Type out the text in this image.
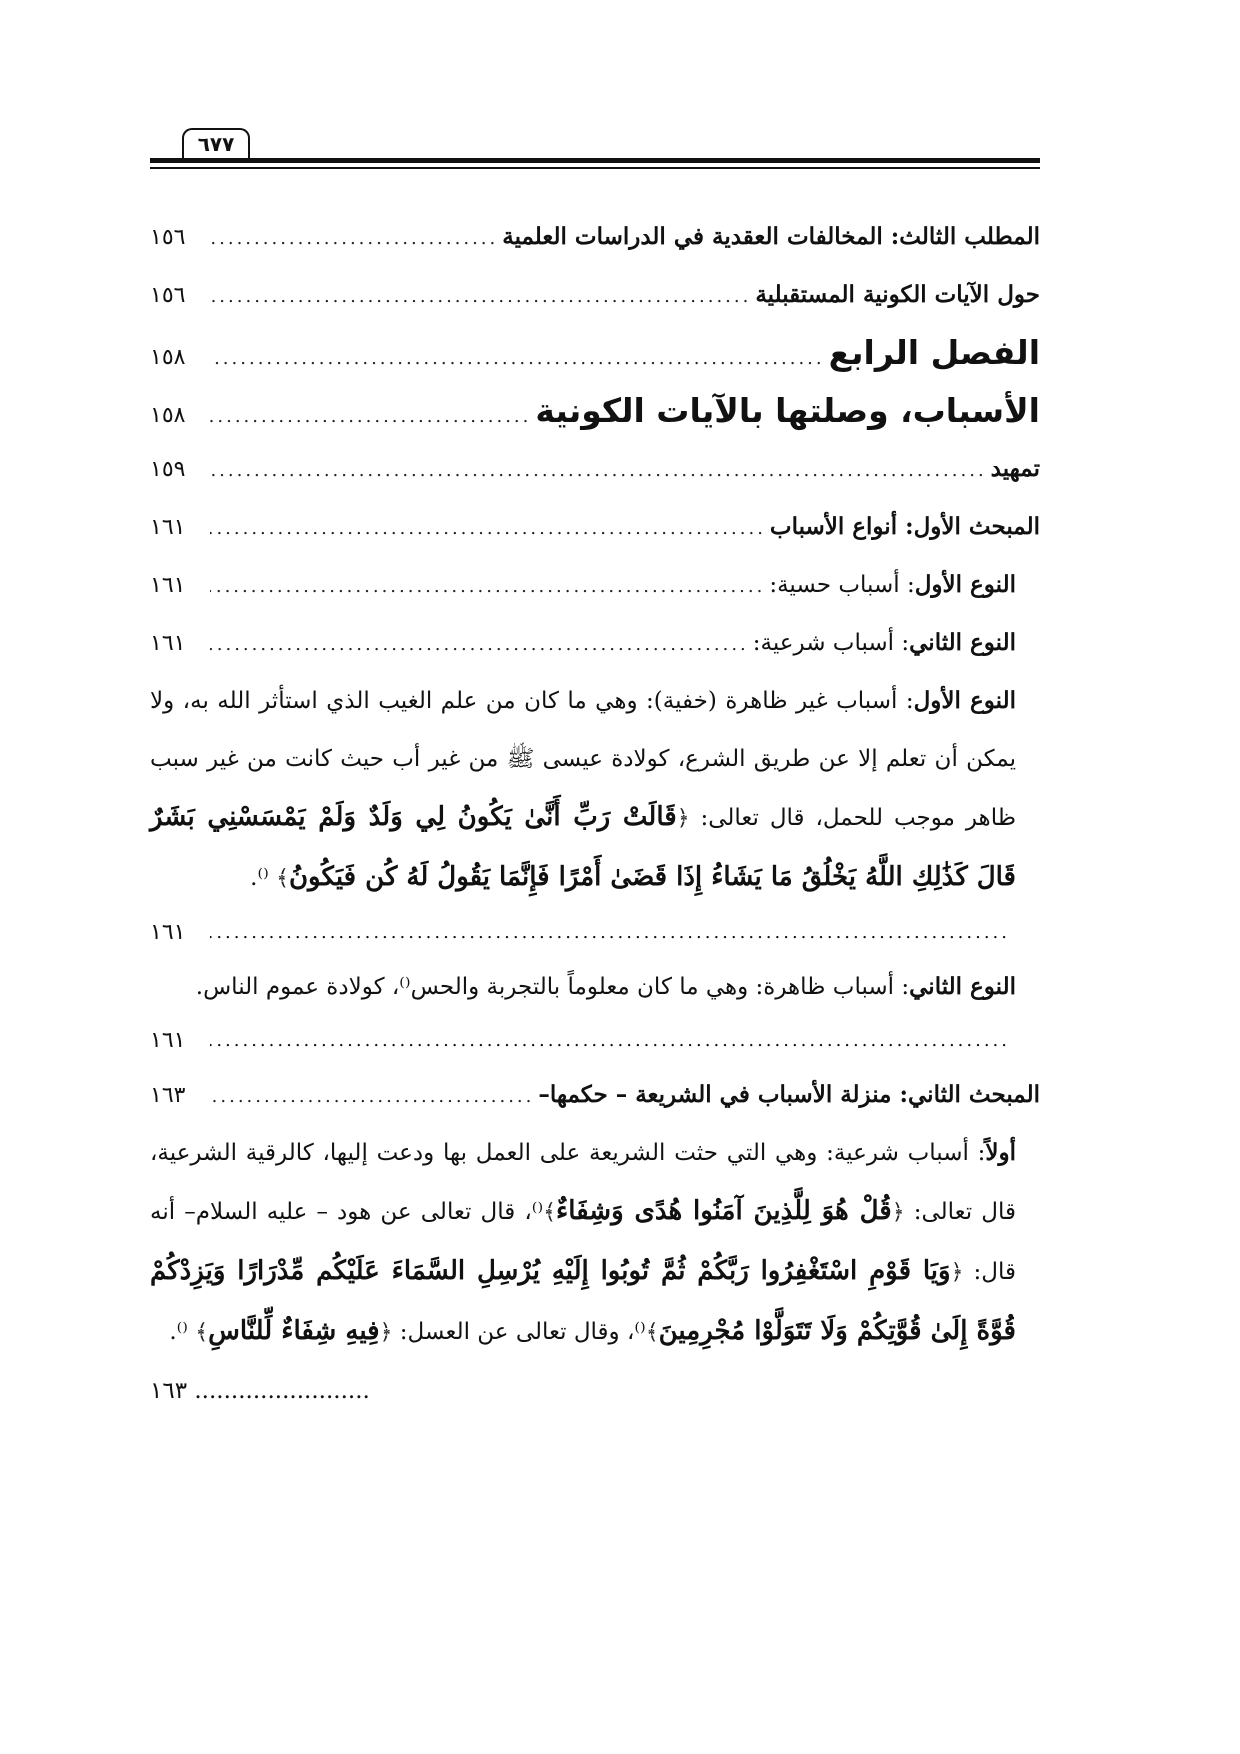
٦٧٧
المطلب الثالث: المخالفات العقدية في الدراسات العلمية
.....
١٥٦
حول الآيات الكونية المستقبلية
.....
١٥٦
الفصل الرابع
.....
١٥٨
الأسباب، وصلتها بالآيات الكونية
.....
١٥٨
تمهيد
.....
١٥٩
المبحث الأول: أنواع الأسباب
.....
١٦١
النوع الأول: أسباب حسية:
.....
١٦١
النوع الثاني: أسباب شرعية:
.....
١٦١
النوع الأول: أسباب غير ظاهرة (خفية): وهي ما كان من علم الغيب الذي استأثر الله به، ولا يمكن أن تعلم إلا عن طريق الشرع، كولادة عيسى ﷺ من غير أب حيث كانت من غير سبب ظاهر موجب للحمل، قال تعالى: ﴿قَالَتْ رَبِّ أَنَّىٰ يَكُونُ لِي وَلَدٌ وَلَمْ يَمْسَسْنِي بَشَرٌ قَالَ كَذَٰلِكِ اللَّهُ يَخْلُقُ مَا يَشَاءُ إِذَا قَضَىٰ أَمْرًا فَإِنَّمَا يَقُولُ لَهُ كُن فَيَكُونُ﴾ ⁽⁾.
.....
١٦١
النوع الثاني: أسباب ظاهرة: وهي ما كان معلوماً بالتجربة والحس⁽⁾، كولادة عموم الناس.
.....
١٦١
المبحث الثاني: منزلة الأسباب في الشريعة – حكمها–
.....
١٦٣
أولاً: أسباب شرعية: وهي التي حثت الشريعة على العمل بها ودعت إليها، كالرقية الشرعية، قال تعالى: ﴿قُلْ هُوَ لِلَّذِينَ آمَنُوا هُدًى وَشِفَاءٌ﴾⁽⁾، قال تعالى عن هود – عليه السلام– أنه قال: ﴿وَيَا قَوْمِ اسْتَغْفِرُوا رَبَّكُمْ ثُمَّ تُوبُوا إِلَيْهِ يُرْسِلِ السَّمَاءَ عَلَيْكُم مِّدْرَارًا وَيَزِدْكُمْ قُوَّةً إِلَىٰ قُوَّتِكُمْ وَلَا تَتَوَلَّوْا مُجْرِمِينَ﴾⁽⁾، وقال تعالى عن العسل: ﴿فِيهِ شِفَاءٌ لِّلنَّاسِ﴾ ⁽⁾.
........................ ١٦٣
